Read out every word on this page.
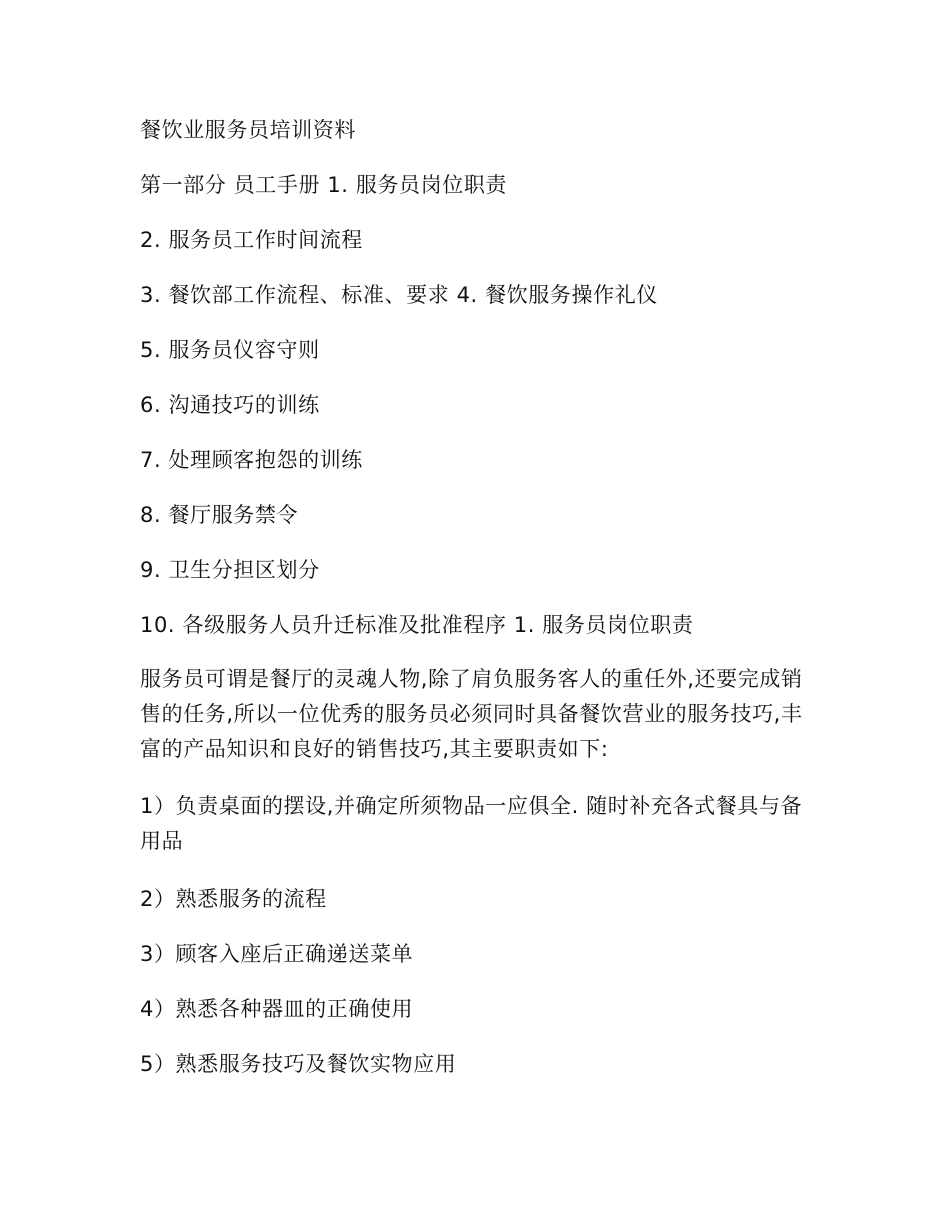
餐饮业服务员培训资料
第一部分 员工手册 1. 服务员岗位职责
2. 服务员工作时间流程
3. 餐饮部工作流程、标准、要求 4. 餐饮服务操作礼仪
5. 服务员仪容守则
6. 沟通技巧的训练
7. 处理顾客抱怨的训练
8. 餐厅服务禁令
9. 卫生分担区划分
10. 各级服务人员升迁标准及批准程序 1. 服务员岗位职责
服务员可谓是餐厅的灵魂人物,除了肩负服务客人的重任外,还要完成销售的任务,所以一位优秀的服务员必须同时具备餐饮营业的服务技巧,丰富的产品知识和良好的销售技巧,其主要职责如下:
1）负责桌面的摆设,并确定所须物品一应俱全. 随时补充各式餐具与备用品
2）熟悉服务的流程
3）顾客入座后正确递送菜单
4）熟悉各种器皿的正确使用
5）熟悉服务技巧及餐饮实物应用
